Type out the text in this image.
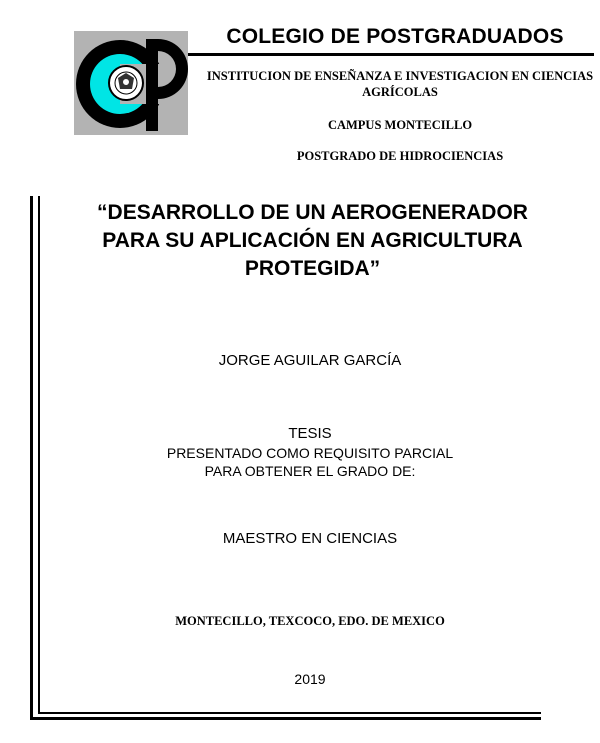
COLEGIO DE POSTGRADUADOS
INSTITUCION DE ENSEÑANZA E INVESTIGACION EN CIENCIAS
AGRÍCOLAS
CAMPUS MONTECILLO
POSTGRADO DE HIDROCIENCIAS
“DESARROLLO DE UN AEROGENERADOR
PARA SU APLICACIÓN EN AGRICULTURA
PROTEGIDA”
JORGE AGUILAR GARCÍA
TESIS
PRESENTADO COMO REQUISITO PARCIAL
PARA OBTENER EL GRADO DE:
MAESTRO EN CIENCIAS
MONTECILLO, TEXCOCO, EDO. DE MEXICO
2019
